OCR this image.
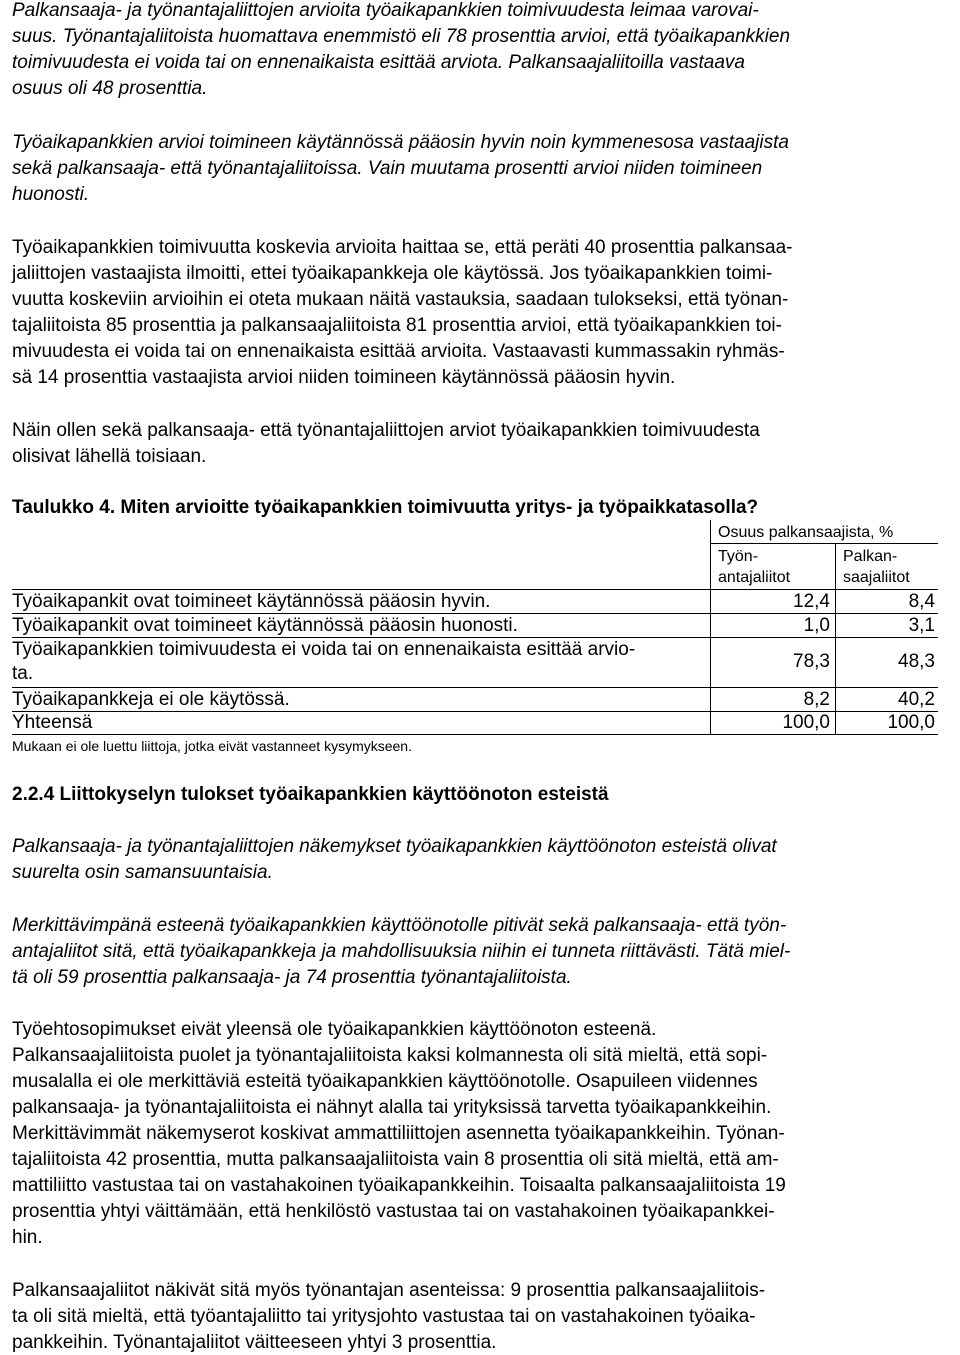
Palkansaaja- ja työnantajaliittojen arvioita työaikapankkien toimivuudesta leimaa varovai-
suus. Työnantajaliitoista huomattava enemmistö eli 78 prosenttia arvioi, että työaikapankkien
toimivuudesta ei voida tai on ennenaikaista esittää arviota. Palkansaajaliitoilla vastaava
osuus oli 48 prosenttia.
Työaikapankkien arvioi toimineen käytännössä pääosin hyvin noin kymmenesosa vastaajista
sekä palkansaaja- että työnantajaliitoissa. Vain muutama prosentti arvioi niiden toimineen
huonosti.
Työaikapankkien toimivuutta koskevia arvioita haittaa se, että peräti 40 prosenttia palkansaa-
jaliittojen vastaajista ilmoitti, ettei työaikapankkeja ole käytössä. Jos työaikapankkien toimi-
vuutta koskeviin arvioihin ei oteta mukaan näitä vastauksia, saadaan tulokseksi, että työnan-
tajaliitoista 85 prosenttia ja palkansaajaliitoista 81 prosenttia arvioi, että työaikapankkien toi-
mivuudesta ei voida tai on ennenaikaista esittää arvioita. Vastaavasti kummassakin ryhmäs-
sä 14 prosenttia vastaajista arvioi niiden toimineen käytännössä pääosin hyvin.
Näin ollen sekä palkansaaja- että työnantajaliittojen arviot työaikapankkien toimivuudesta
olisivat lähellä toisiaan.
Taulukko 4. Miten arvioitte työaikapankkien toimivuutta yritys- ja työpaikkatasolla?
Osuus palkansaajista, %
Työn-
antajaliitot
Palkan-
saajaliitot
Työaikapankit ovat toimineet käytännössä pääosin hyvin.	12,4	8,4
Työaikapankit ovat toimineet käytännössä pääosin huonosti.	1,0	3,1
Työaikapankkien toimivuudesta ei voida tai on ennenaikaista esittää arvio-
ta.
78,3	48,3
Työaikapankkeja ei ole käytössä.	8,2	40,2
Yhteensä	100,0	100,0
Mukaan ei ole luettu liittoja, jotka eivät vastanneet kysymykseen.
2.2.4 Liittokyselyn tulokset työaikapankkien käyttöönoton esteistä
Palkansaaja- ja työnantajaliittojen näkemykset työaikapankkien käyttöönoton esteistä olivat
suurelta osin samansuuntaisia.
Merkittävimpänä esteenä työaikapankkien käyttöönotolle pitivät sekä palkansaaja- että työn-
antajaliitot sitä, että työaikapankkeja ja mahdollisuuksia niihin ei tunneta riittävästi. Tätä miel-
tä oli 59 prosenttia palkansaaja- ja 74 prosenttia työnantajaliitoista.
Työehtosopimukset eivät yleensä ole työaikapankkien käyttöönoton esteenä.
Palkansaajaliitoista puolet ja työnantajaliitoista kaksi kolmannesta oli sitä mieltä, että sopi-
musalalla ei ole merkittäviä esteitä työaikapankkien käyttöönotolle. Osapuileen viidennes
palkansaaja- ja työnantajaliitoista ei nähnyt alalla tai yrityksissä tarvetta työaikapankkeihin.
Merkittävimmät näkemyserot koskivat ammattiliittojen asennetta työaikapankkeihin. Työnan-
tajaliitoista 42 prosenttia, mutta palkansaajaliitoista vain 8 prosenttia oli sitä mieltä, että am-
mattiliitto vastustaa tai on vastahakoinen työaikapankkeihin. Toisaalta palkansaajaliitoista 19
prosenttia yhtyi väittämään, että henkilöstö vastustaa tai on vastahakoinen työaikapankkei-
hin.
Palkansaajaliitot näkivät sitä myös työnantajan asenteissa: 9 prosenttia palkansaajaliitois-
ta oli sitä mieltä, että työantajaliitto tai yritysjohto vastustaa tai on vastahakoinen työaika-
pankkeihin. Työnantajaliitot väitteeseen yhtyi 3 prosenttia.
